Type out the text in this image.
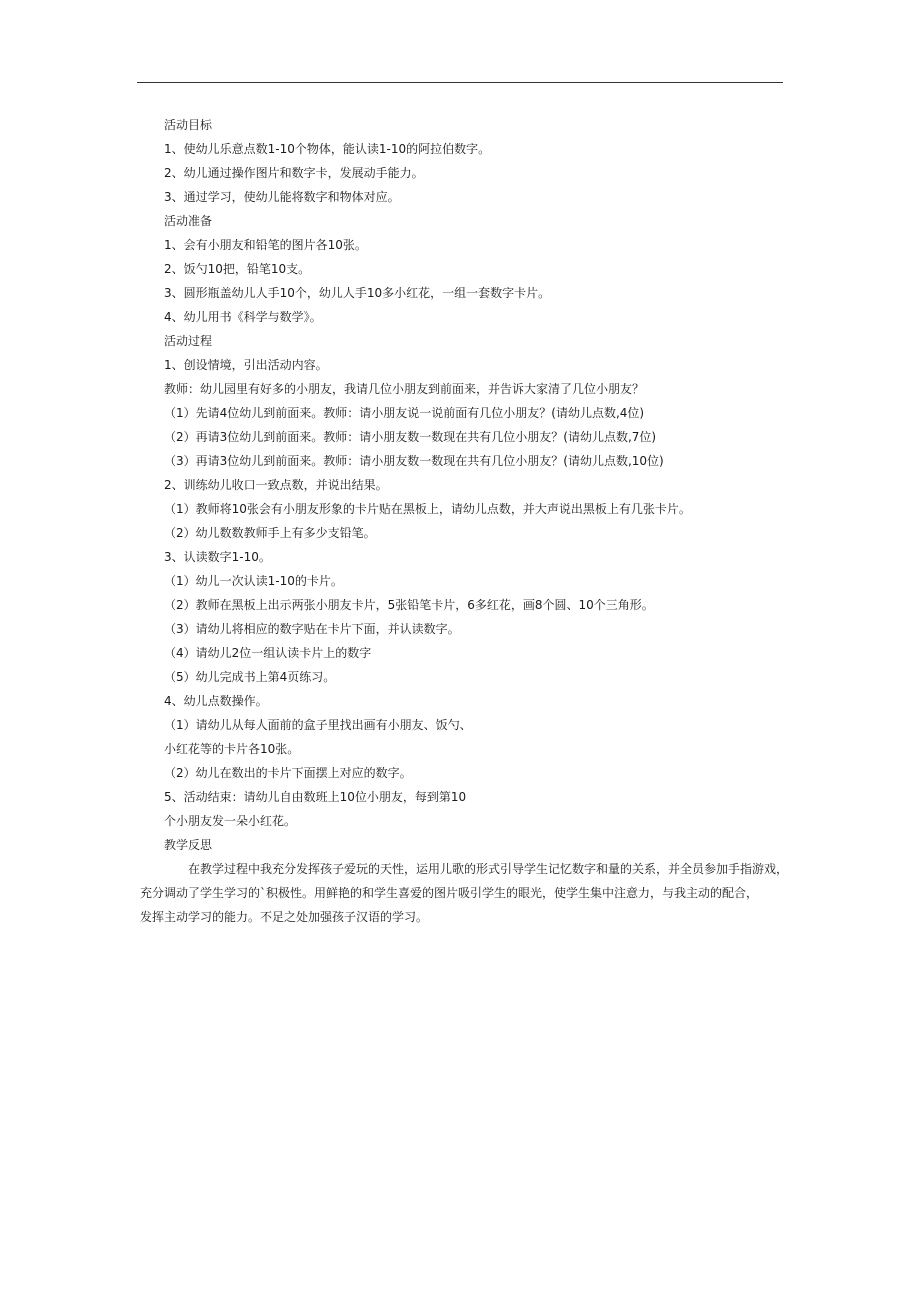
活动目标

1、使幼儿乐意点数1-10个物体，能认读1-10的阿拉伯数字。

2、幼儿通过操作图片和数字卡，发展动手能力。

3、通过学习，使幼儿能将数字和物体对应。

活动准备

1、会有小朋友和铅笔的图片各10张。

2、饭勺10把，铅笔10支。

3、圆形瓶盖幼儿人手10个，幼儿人手10多小红花，一组一套数字卡片。

4、幼儿用书《科学与数学》。

活动过程

1、创设情境，引出活动内容。

教师：幼儿园里有好多的小朋友，我请几位小朋友到前面来，并告诉大家清了几位小朋友？

（1）先请4位幼儿到前面来。教师：请小朋友说一说前面有几位小朋友？(请幼儿点数,4位)

（2）再请3位幼儿到前面来。教师：请小朋友数一数现在共有几位小朋友？(请幼儿点数,7位)

（3）再请3位幼儿到前面来。教师：请小朋友数一数现在共有几位小朋友？(请幼儿点数,10位)

2、训练幼儿收口一致点数，并说出结果。

（1）教师将10张会有小朋友形象的卡片贴在黑板上，请幼儿点数，并大声说出黑板上有几张卡片。

（2）幼儿数数教师手上有多少支铅笔。

3、认读数字1-10。

（1）幼儿一次认读1-10的卡片。

（2）教师在黑板上出示两张小朋友卡片，5张铅笔卡片，6多红花，画8个圆、10个三角形。

（3）请幼儿将相应的数字贴在卡片下面，并认读数字。

（4）请幼儿2位一组认读卡片上的数字

（5）幼儿完成书上第4页练习。

4、幼儿点数操作。

（1）请幼儿从每人面前的盒子里找出画有小朋友、饭勺、

小红花等的卡片各10张。

（2）幼儿在数出的卡片下面摆上对应的数字。

5、活动结束：请幼儿自由数班上10位小朋友，每到第10

个小朋友发一朵小红花。

教学反思

在教学过程中我充分发挥孩子爱玩的天性，运用儿歌的形式引导学生记忆数字和量的关系，并全员参加手指游戏，
充分调动了学生学习的`积极性。用鲜艳的和学生喜爱的图片吸引学生的眼光，使学生集中注意力，与我主动的配合，
发挥主动学习的能力。不足之处加强孩子汉语的学习。
